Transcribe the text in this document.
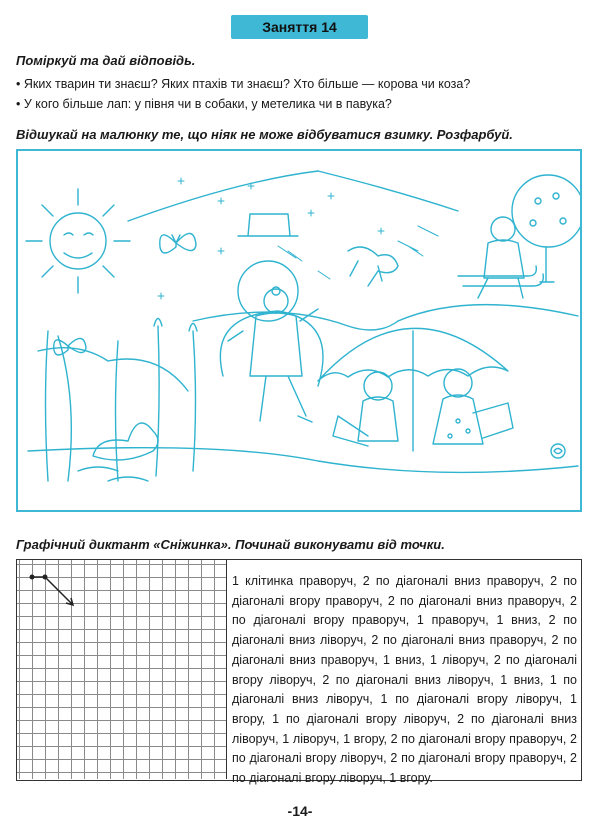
Заняття 14
Поміркуй та дай відповідь.
• Яких тварин ти знаєш? Яких птахів ти знаєш? Хто більше — корова чи коза?
• У кого більше лап: у півня чи в собаки, у метелика чи в павука?
Відшукай на малюнку те, що ніяк не може відбуватися взимку. Розфарбуй.
Графічний диктант «Сніжинка». Починай виконувати від точки.
1 клітинка праворуч, 2 по діагоналі вниз праворуч, 2 по діагоналі вгору праворуч, 2 по діагоналі вниз праворуч, 2 по діагоналі вгору праворуч, 1 праворуч, 1 вниз, 2 по діагоналі вниз ліворуч, 2 по діагоналі вниз праворуч, 2 по діагоналі вниз праворуч, 1 вниз, 1 ліворуч, 2 по діагоналі вгору ліворуч, 2 по діагоналі вниз ліворуч, 1 вниз, 1 по діагоналі вниз ліворуч, 1 по діагоналі вгору ліворуч, 1 вгору, 1 по діагоналі вгору ліворуч, 2 по діагоналі вниз ліворуч, 1 ліворуч, 1 вгору, 2 по діагоналі вгору праворуч, 2 по діагоналі вгору ліворуч, 2 по діагоналі вгору праворуч, 2 по діагоналі вгору ліворуч, 1 вгору.
-14-
